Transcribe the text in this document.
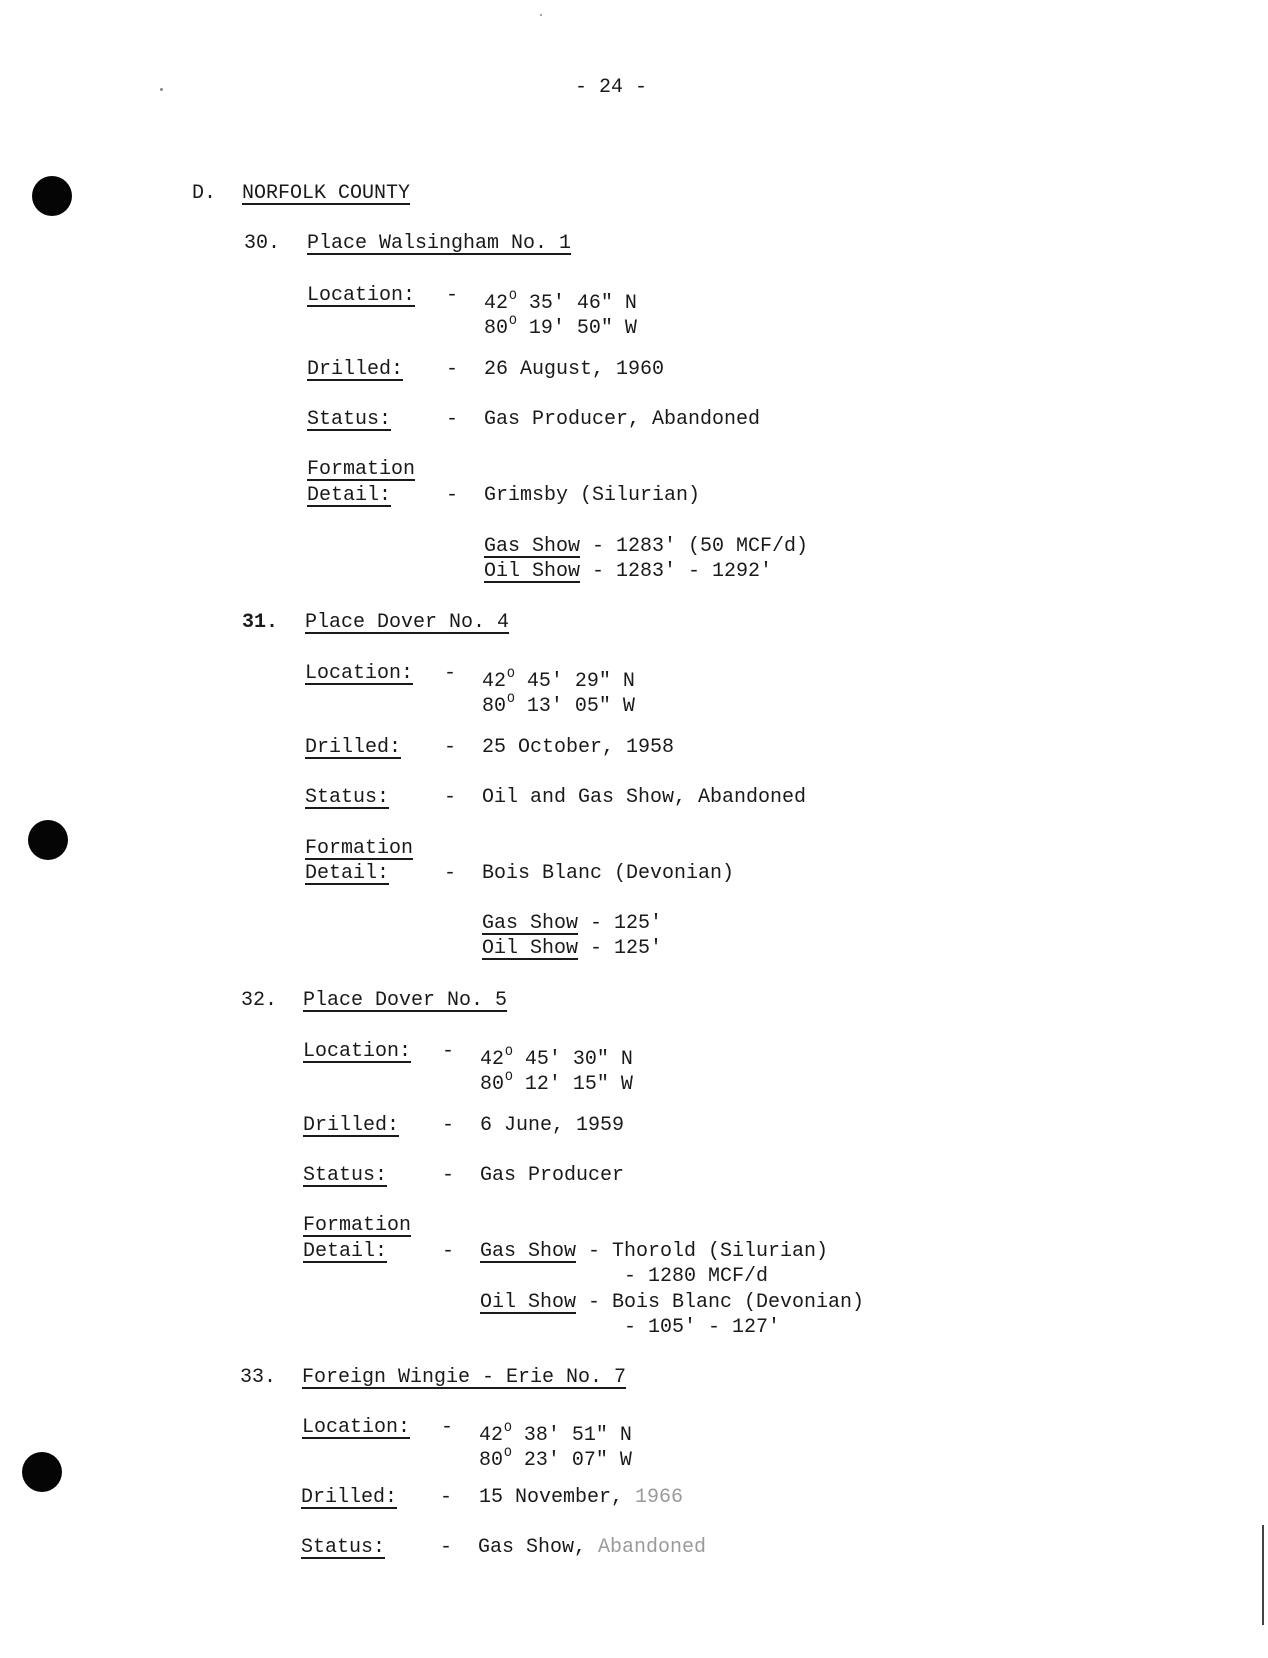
- 24 -
D. NORFOLK COUNTY
30. Place Walsingham No. 1
Location: - $42^O$ 35' 46" N
$80^O$ 19' 50" W
Drilled: - 26 August, 1960
Status:	- Gas Producer, Abandoned
Formation
Detail:	- Grimsby (Silurian)
Gas Show - 1283' (50 MCF/d)
Oil Show - 1283' - 1292'
31. Place Dover No. 4
Location: - $42^O$ 45' 29" N
$80^O$ 13' 05" W
Drilled: - 25 October, 1958
Status:	- Oil and Gas Show, Abandoned
Formation
Detail:	- Bois Blanc (Devonian)
Gas Show - 125'
Oil Show - 125'
32. Place Dover No. 5
Location: - $42^O$ 45' 30" N
$80^O$ 12' 15" W
Drilled: - 6 June, 1959
Status:	- Gas Producer
Formation
Detail:	- Gas Show - Thorold (Silurian)
- 1280 MCF/d
Oil Show - Bois Blanc (Devonian)
- 105' - 127'
33. Foreign Wingie - Erie No. 7
Location: - $42^O$ 38' 51" N
$80^O$ 23' 07" W
Drilled: - 15 November, 1966
Status:	- Gas Show, Abandoned
